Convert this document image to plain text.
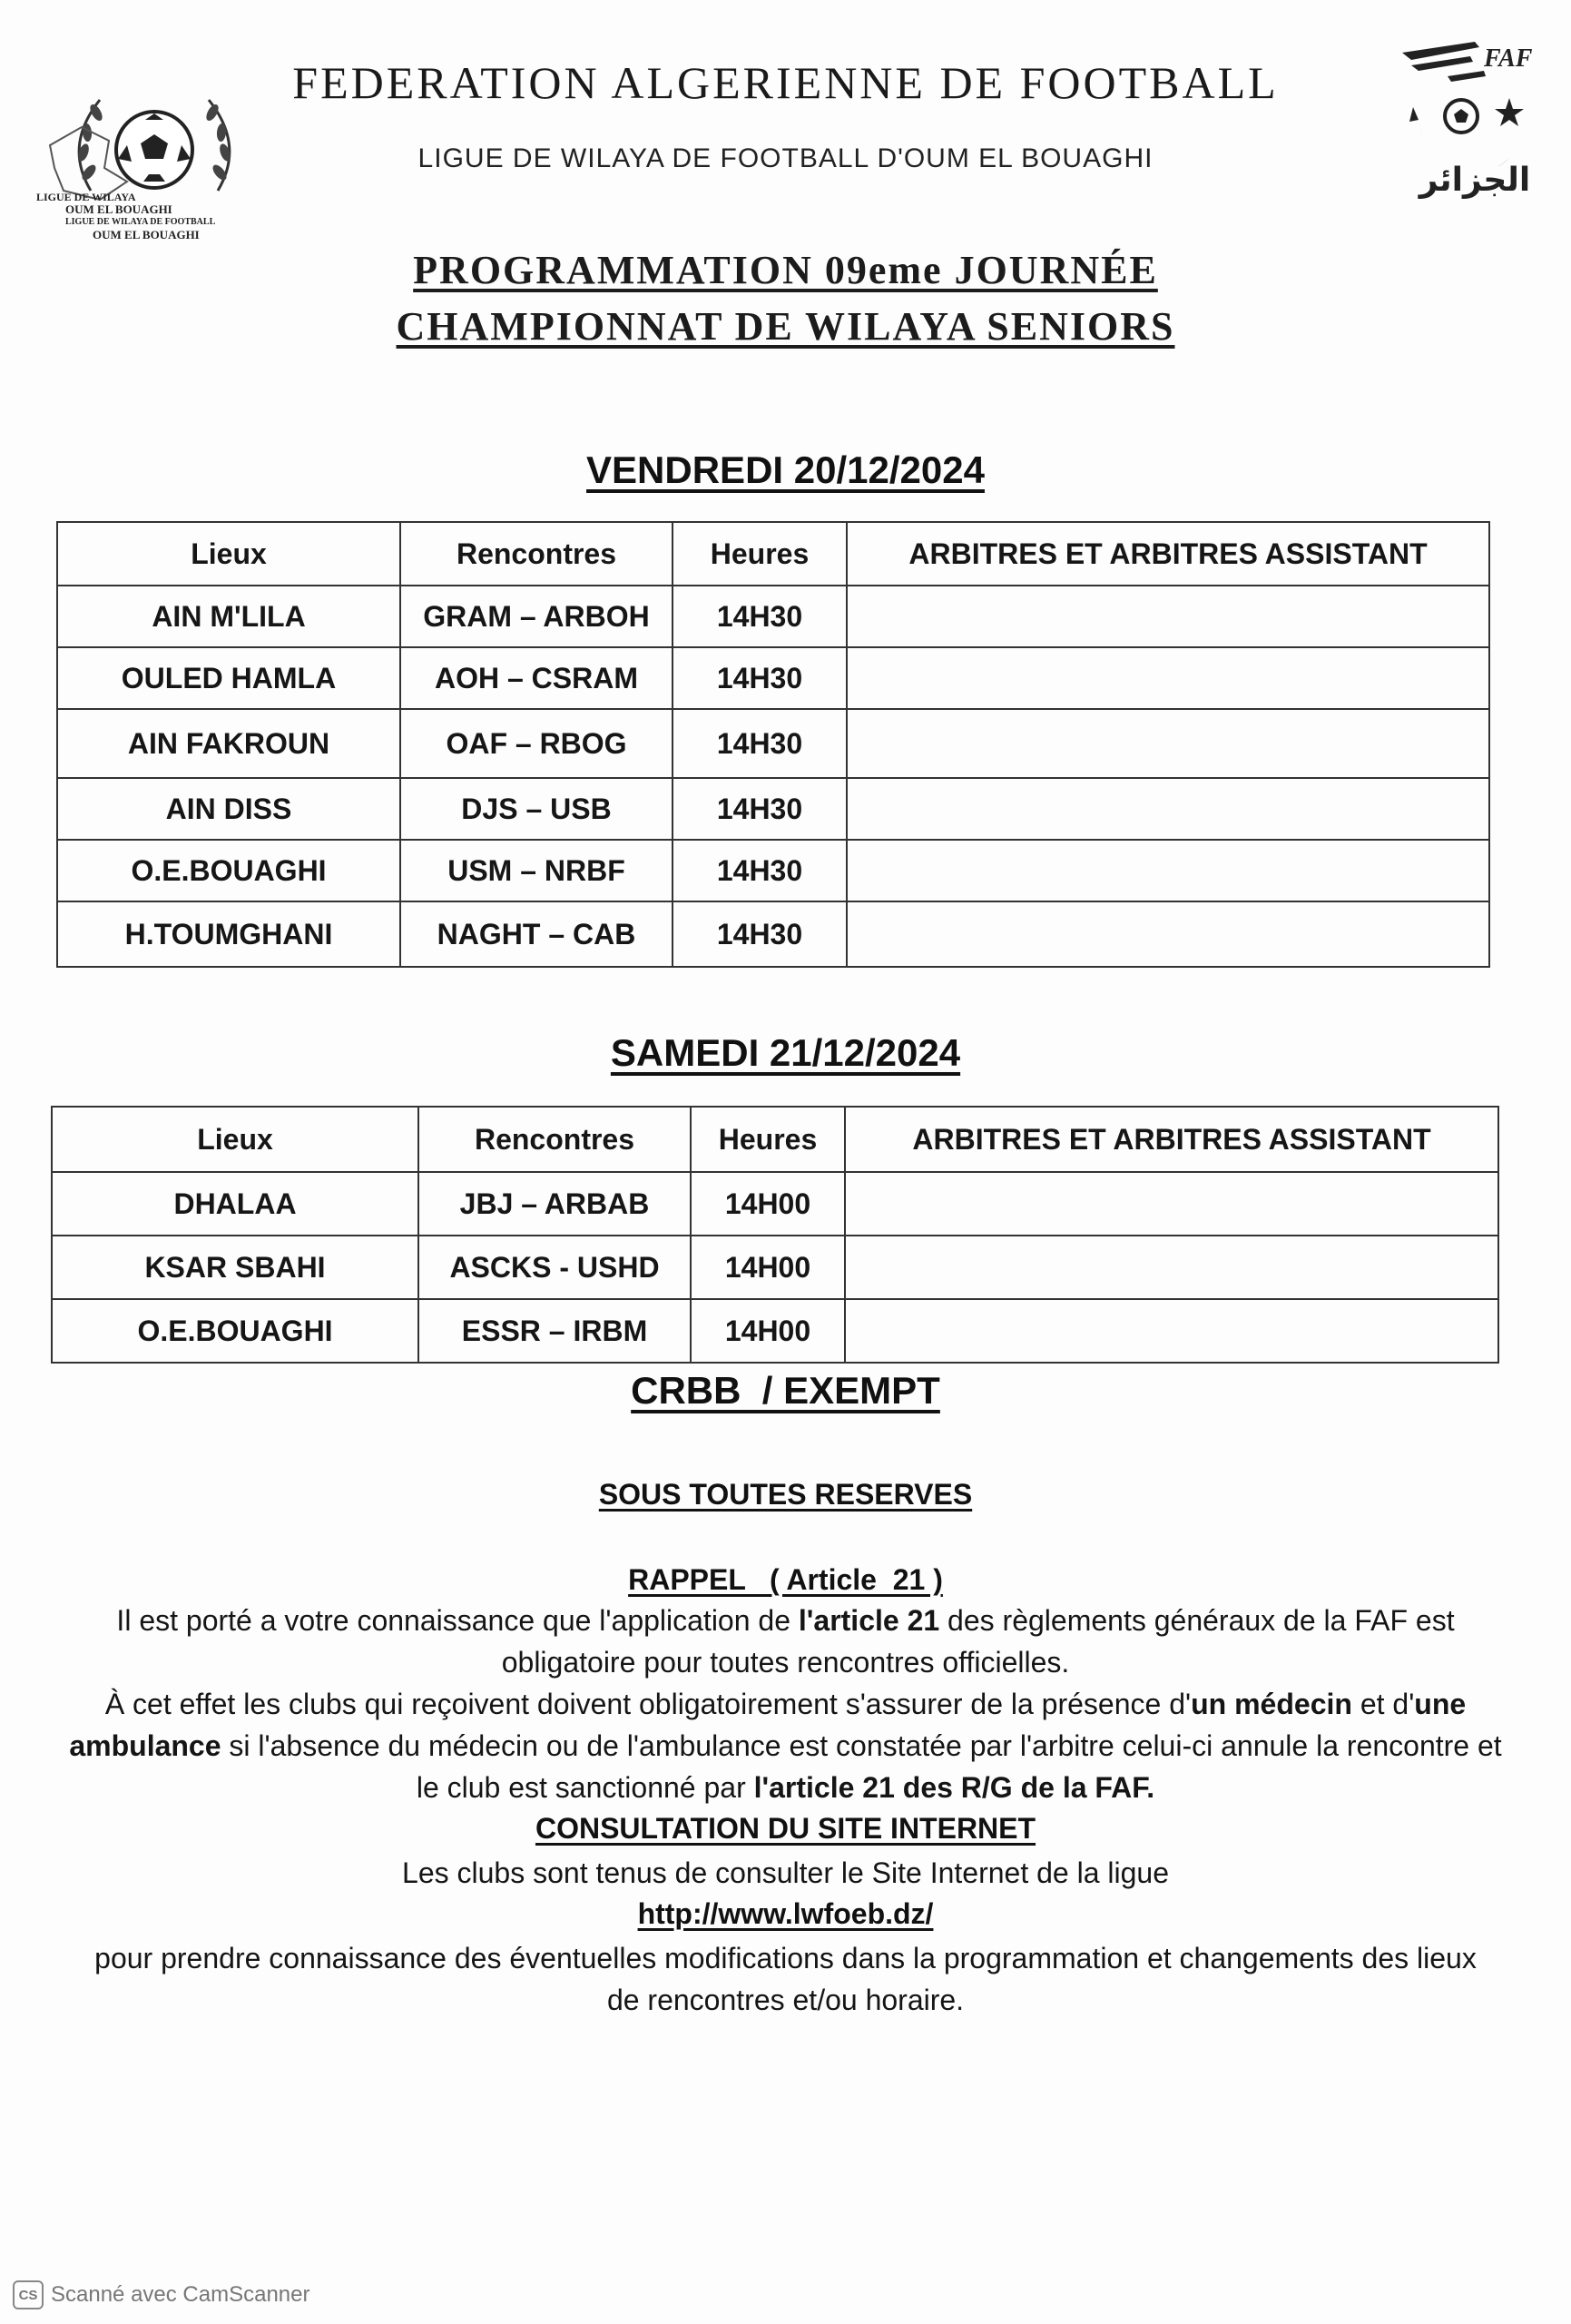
LIGUE DE WILAYA
OUM EL BOUAGHI
LIGUE DE WILAYA DE FOOTBALL
OUM EL BOUAGHI
FAF
الجزائر
FEDERATION ALGERIENNE DE FOOTBALL
LIGUE DE WILAYA DE FOOTBALL D'OUM EL BOUAGHI
PROGRAMMATION 09eme JOURNÉE
CHAMPIONNAT DE WILAYA SENIORS
VENDREDI 20/12/2024
Lieux	Rencontres	Heures	ARBITRES ET ARBITRES ASSISTANT
AIN M'LILA	GRAM – ARBOH	14H30	
OULED HAMLA	AOH – CSRAM	14H30	
AIN FAKROUN	OAF – RBOG	14H30	
AIN DISS	DJS – USB	14H30	
O.E.BOUAGHI	USM – NRBF	14H30	
H.TOUMGHANI	NAGHT – CAB	14H30	
SAMEDI 21/12/2024
Lieux	Rencontres	Heures	ARBITRES ET ARBITRES ASSISTANT
DHALAA	JBJ – ARBAB	14H00	
KSAR SBAHI	ASCKS - USHD	14H00	
O.E.BOUAGHI	ESSR – IRBM	14H00	
CRBB  / EXEMPT
SOUS TOUTES RESERVES
RAPPEL   ( Article  21 )
Il est porté a votre connaissance que l'application de l'article 21 des règlements généraux de la FAF est obligatoire pour toutes rencontres officielles.
À cet effet les clubs qui reçoivent doivent obligatoirement s'assurer de la présence d'un médecin et d'une ambulance si l'absence du médecin ou de l'ambulance est constatée par l'arbitre celui-ci annule la rencontre et le club est sanctionné par l'article 21 des R/G de la FAF.
CONSULTATION DU SITE INTERNET
Les clubs sont tenus de consulter le Site Internet de la ligue
http://www.lwfoeb.dz/
pour prendre connaissance des éventuelles modifications dans la programmation et changements des lieux de rencontres et/ou horaire.
CS Scanné avec CamScanner
